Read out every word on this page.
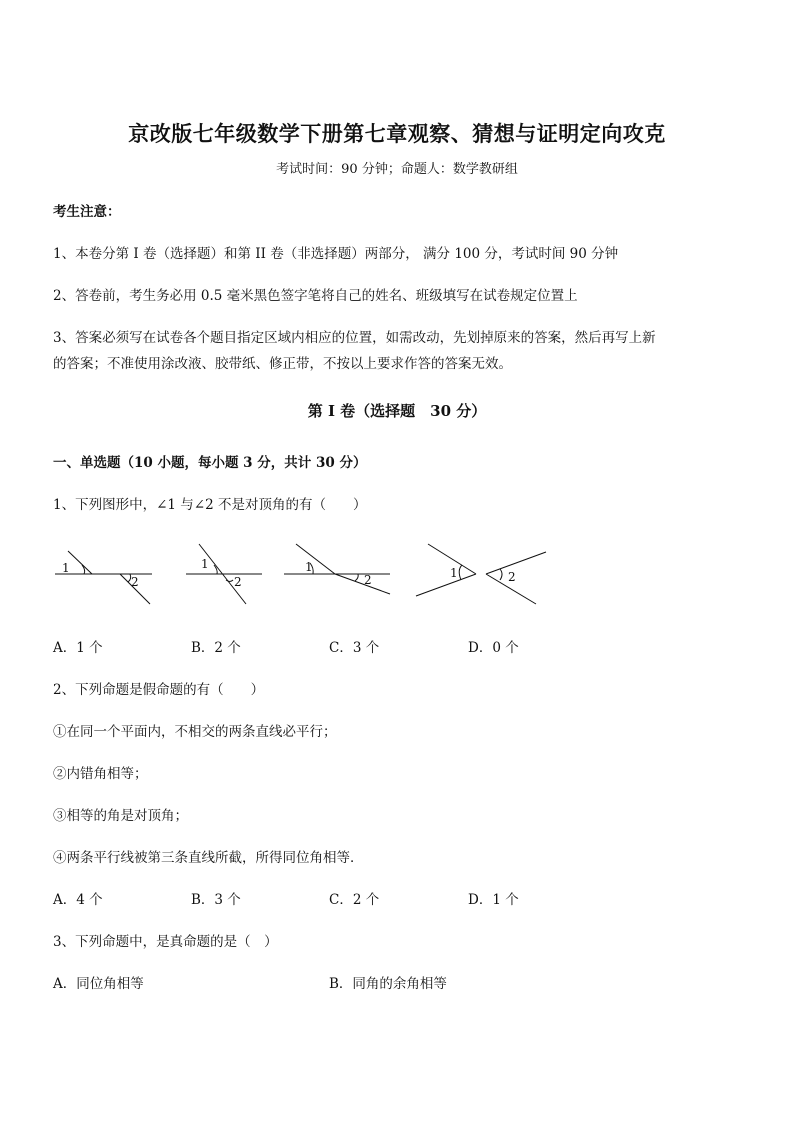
京改版七年级数学下册第七章观察、猜想与证明定向攻克
考试时间：90 分钟；命题人：数学教研组
考生注意：
1、本卷分第 I 卷（选择题）和第 II 卷（非选择题）两部分， 满分 100 分，考试时间 90 分钟
2、答卷前，考生务必用 0.5 毫米黑色签字笔将自己的姓名、班级填写在试卷规定位置上
3、答案必须写在试卷各个题目指定区域内相应的位置，如需改动，先划掉原来的答案，然后再写上新
的答案；不准使用涂改液、胶带纸、修正带，不按以上要求作答的答案无效。
第 I 卷（选择题　30 分）
一、单选题（10 小题，每小题 3 分，共计 30 分）
1、下列图形中，∠1 与∠2 不是对顶角的有（　　）
1
2
1
2
1
2	1	2
A．1 个	B．2 个	C．3 个	D．0 个
2、下列命题是假命题的有（　　）
①在同一个平面内，不相交的两条直线必平行；
②内错角相等；
③相等的角是对顶角；
④两条平行线被第三条直线所截，所得同位角相等．
A．4 个	B．3 个	C．2 个	D．1 个
3、下列命题中，是真命题的是（　）
A．同位角相等	B．同角的余角相等
